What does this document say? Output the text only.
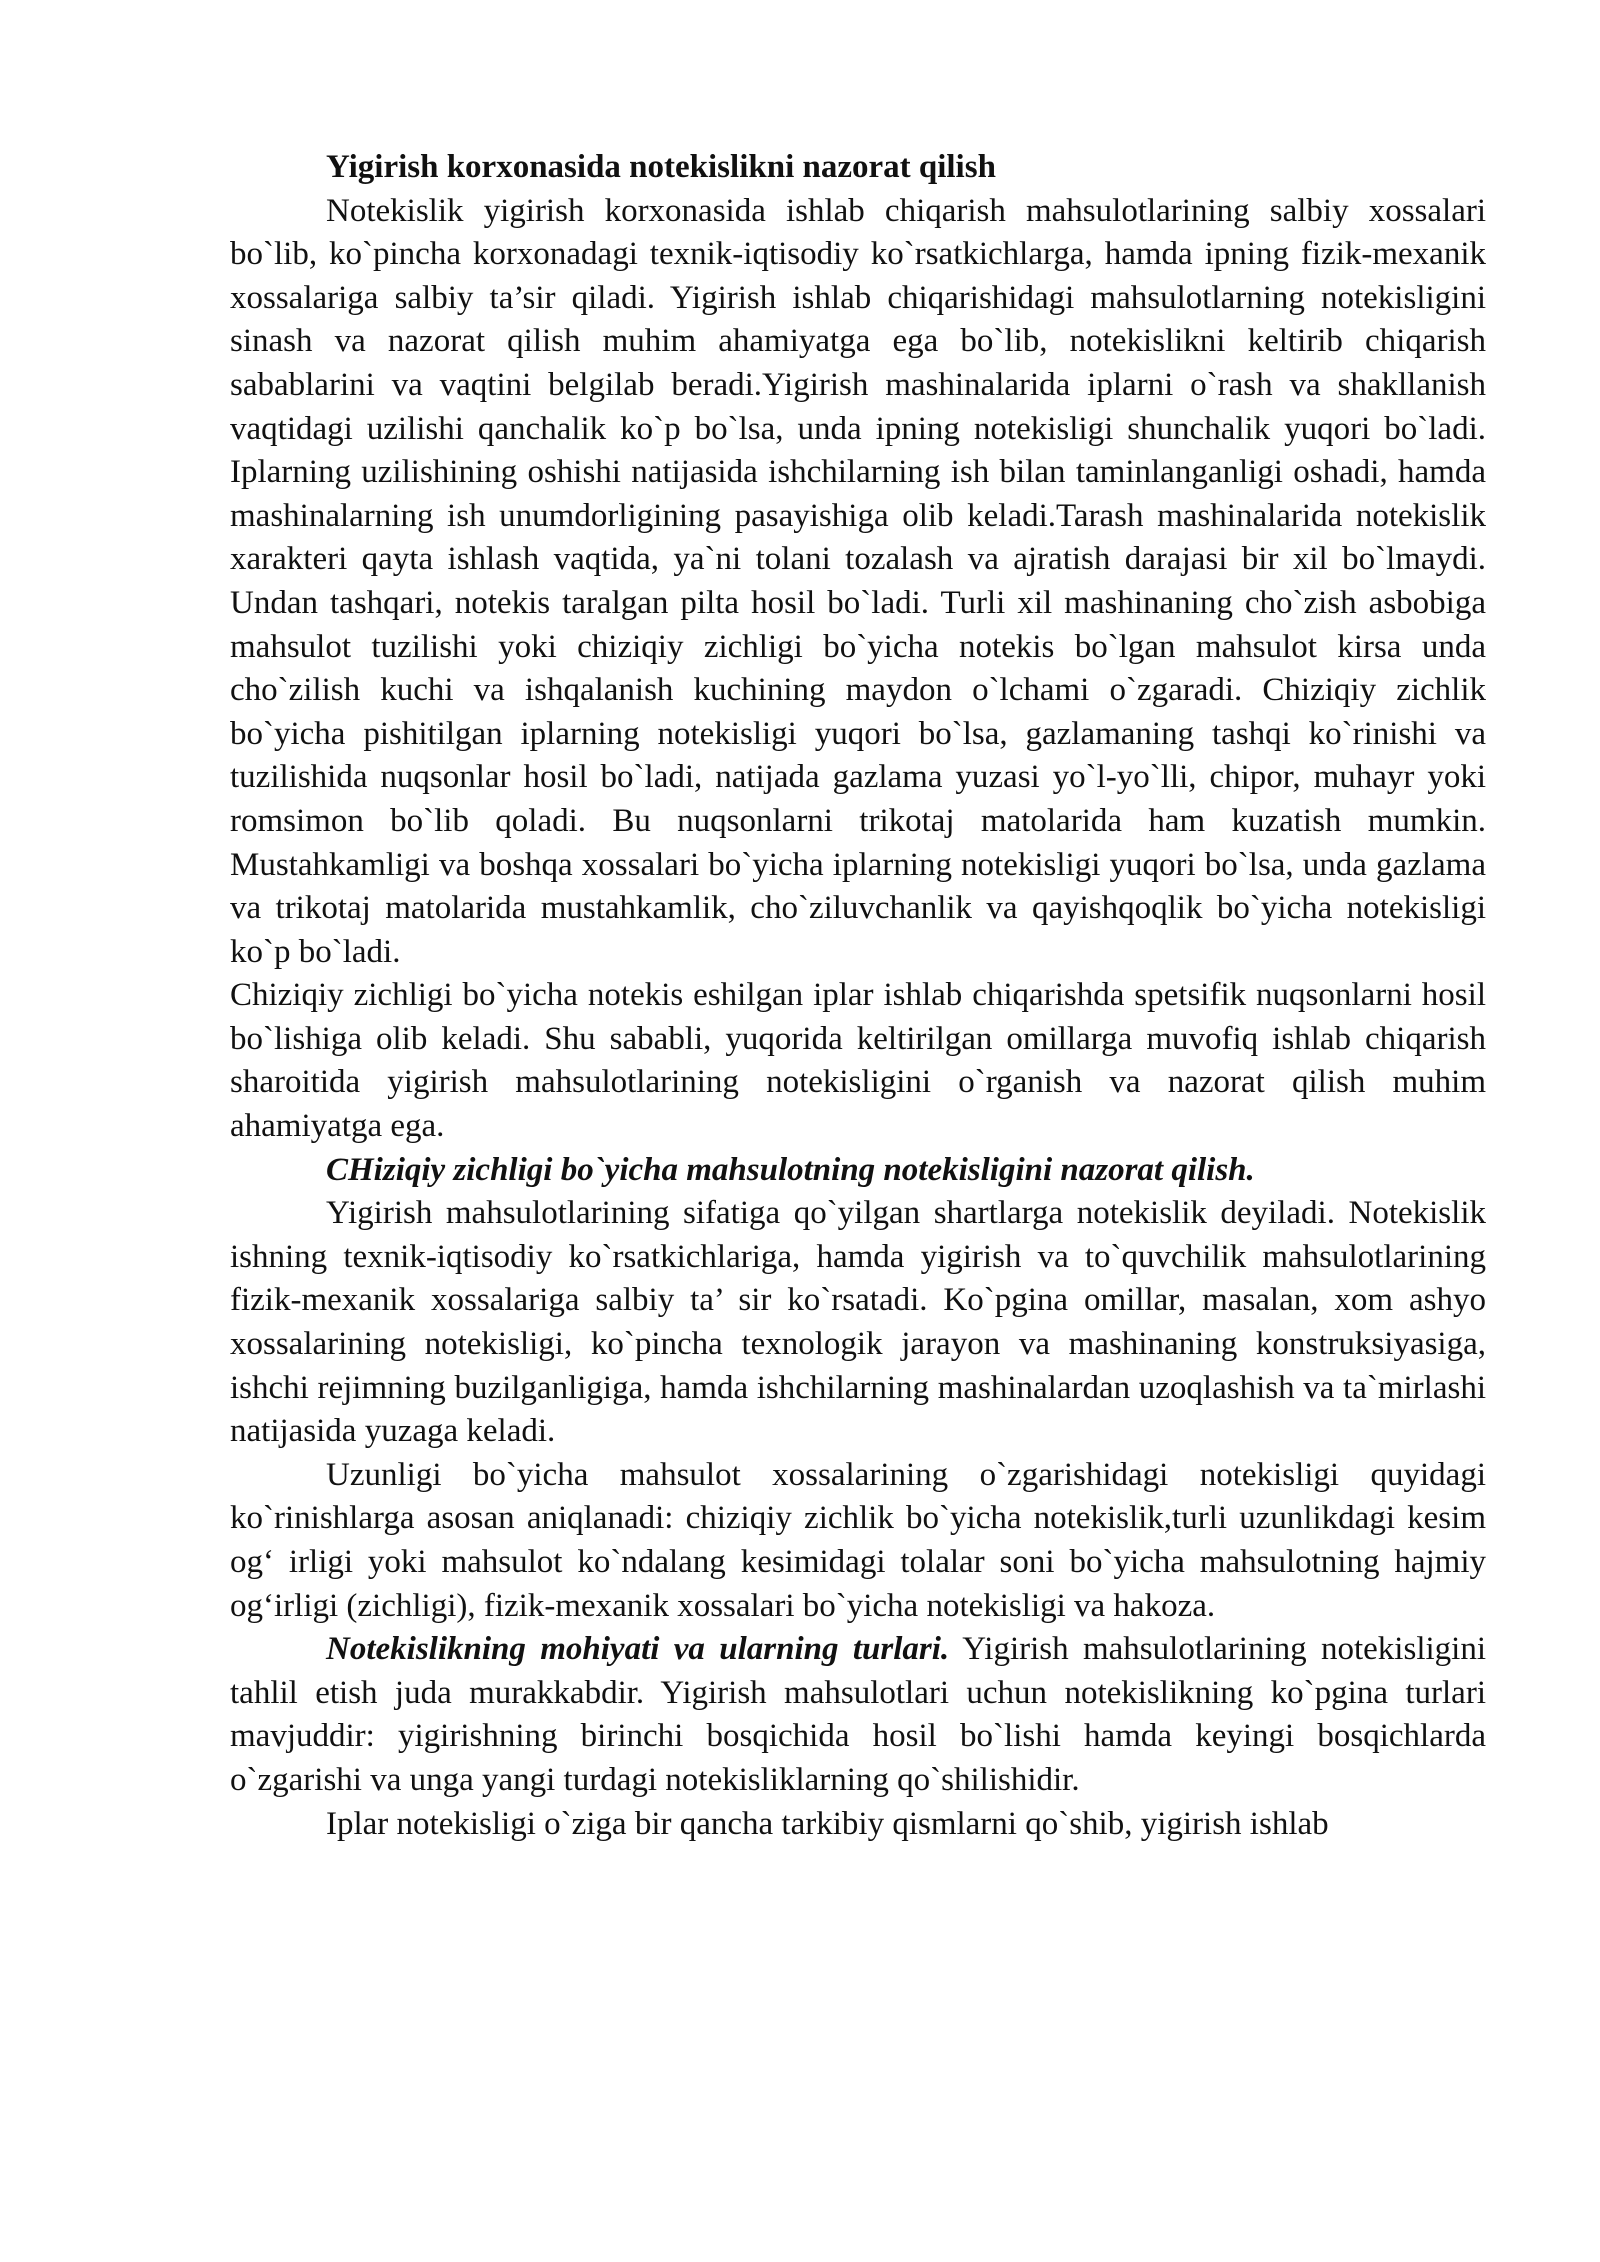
Yigirish korxonasida notekislikni nazorat qilish

Notekislik yigirish korxonasida ishlab chiqarish mahsulotlarining salbiy xossalari bo`lib, ko`pincha korxonadagi texnik-iqtisodiy ko`rsatkichlarga, hamda ipning fizik-mexanik xossalariga salbiy ta’sir qiladi. Yigirish ishlab chiqarishidagi mahsulotlarning notekisligini sinash va nazorat qilish muhim ahamiyatga ega bo`lib, notekislikni keltirib chiqarish sabablarini va vaqtini belgilab beradi.Yigirish mashinalarida iplarni o`rash va shakllanish vaqtidagi uzilishi qanchalik ko`p bo`lsa, unda ipning notekisligi shunchalik yuqori bo`ladi. Iplarning uzilishining oshishi natijasida ishchilarning ish bilan taminlanganligi oshadi, hamda mashinalarning ish unumdorligining pasayishiga olib keladi.Tarash mashinalarida notekislik xarakteri qayta ishlash vaqtida, ya`ni tolani tozalash va ajratish darajasi bir xil bo`lmaydi. Undan tashqari, notekis taralgan pilta hosil bo`ladi. Turli xil mashinaning cho`zish asbobiga mahsulot tuzilishi yoki chiziqiy zichligi bo`yicha notekis bo`lgan mahsulot kirsa unda cho`zilish kuchi va ishqalanish kuchining maydon o`lchami o`zgaradi. Chiziqiy zichlik bo`yicha pishitilgan iplarning notekisligi yuqori bo`lsa, gazlamaning tashqi ko`rinishi va tuzilishida nuqsonlar hosil bo`ladi, natijada gazlama yuzasi yo`l-yo`lli, chipor, muhayr yoki romsimon bo`lib qoladi. Bu nuqsonlarni trikotaj matolarida ham kuzatish mumkin. Mustahkamligi va boshqa xossalari bo`yicha iplarning notekisligi yuqori bo`lsa, unda gazlama va trikotaj matolarida mustahkamlik, cho`ziluvchanlik va qayishqoqlik bo`yicha notekisligi ko`p bo`ladi.

Chiziqiy zichligi bo`yicha notekis eshilgan iplar ishlab chiqarishda spetsifik nuqsonlarni hosil bo`lishiga olib keladi. Shu sababli, yuqorida keltirilgan omillarga muvofiq ishlab chiqarish sharoitida yigirish mahsulotlarining notekisligini o`rganish va nazorat qilish muhim ahamiyatga ega.

CHiziqiy zichligi bo`yicha mahsulotning notekisligini nazorat qilish.

Yigirish mahsulotlarining sifatiga qo`yilgan shartlarga notekislik deyiladi. Notekislik ishning texnik-iqtisodiy ko`rsatkichlariga, hamda yigirish va to`quvchilik mahsulotlarining fizik-mexanik xossalariga salbiy ta’ sir ko`rsatadi. Ko`pgina omillar, masalan, xom ashyo xossalarining notekisligi, ko`pincha texnologik jarayon va mashinaning konstruksiyasiga, ishchi rejimning buzilganligiga, hamda ishchilarning mashinalardan uzoqlashish va ta`mirlashi natijasida yuzaga keladi.

Uzunligi bo`yicha mahsulot xossalarining o`zgarishidagi notekisligi quyidagi ko`rinishlarga asosan aniqlanadi: chiziqiy zichlik bo`yicha notekislik,turli uzunlikdagi kesim og‘ irligi yoki mahsulot ko`ndalang kesimidagi tolalar soni bo`yicha mahsulotning hajmiy og‘irligi (zichligi), fizik-mexanik xossalari bo`yicha notekisligi va hakoza.

Notekislikning mohiyati va ularning turlari. Yigirish mahsulotlarining notekisligini tahlil etish juda murakkabdir. Yigirish mahsulotlari uchun notekislikning ko`pgina turlari mavjuddir: yigirishning birinchi bosqichida hosil bo`lishi hamda keyingi bosqichlarda o`zgarishi va unga yangi turdagi notekisliklarning qo`shilishidir.

Iplar notekisligi o`ziga bir qancha tarkibiy qismlarni qo`shib, yigirish ishlab
